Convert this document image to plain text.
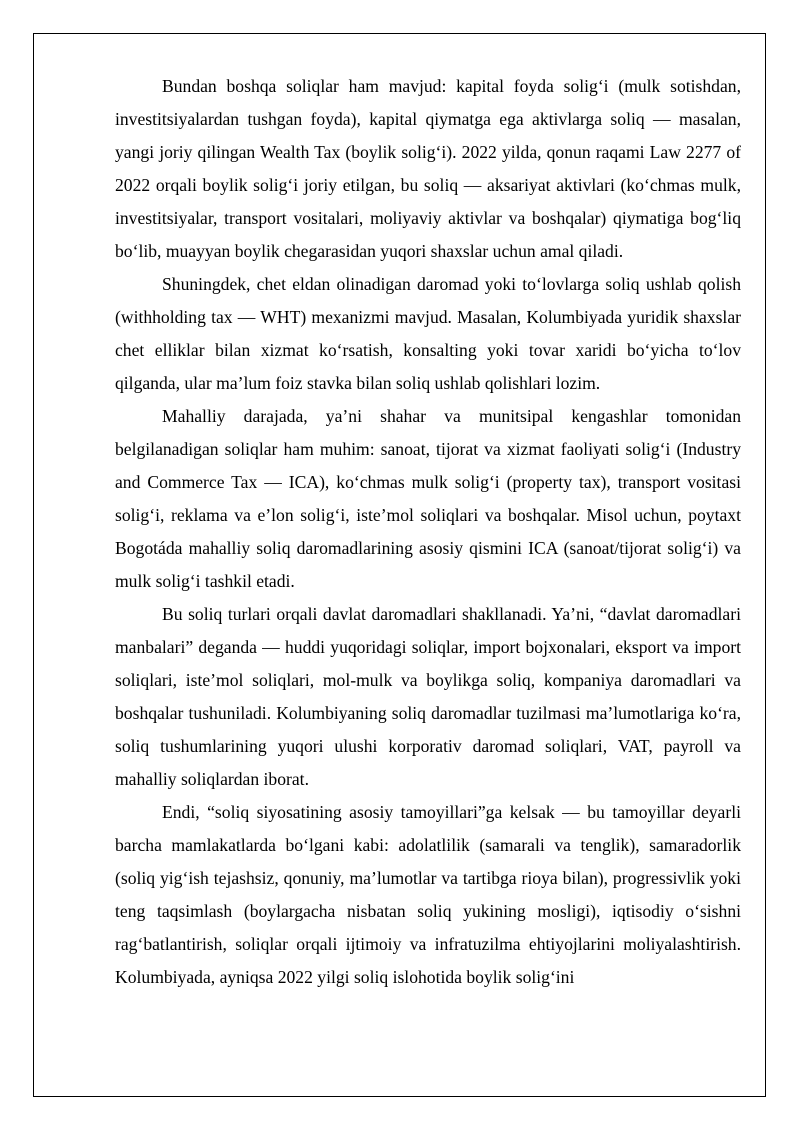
Bundan boshqa soliqlar ham mavjud: kapital foyda solig‘i (mulk sotishdan, investitsiyalardan tushgan foyda), kapital qiymatga ega aktivlarga soliq — masalan, yangi joriy qilingan Wealth Tax (boylik solig‘i). 2022 yilda, qonun raqami Law 2277 of 2022 orqali boylik solig‘i joriy etilgan, bu soliq — aksariyat aktivlari (ko‘chmas mulk, investitsiyalar, transport vositalari, moliyaviy aktivlar va boshqalar) qiymatiga bog‘liq bo‘lib, muayyan boylik chegarasidan yuqori shaxslar uchun amal qiladi.

Shuningdek, chet eldan olinadigan daromad yoki to‘lovlarga soliq ushlab qolish (withholding tax — WHT) mexanizmi mavjud. Masalan, Kolumbiyada yuridik shaxslar chet elliklar bilan xizmat ko‘rsatish, konsalting yoki tovar xaridi bo‘yicha to‘lov qilganda, ular ma’lum foiz stavka bilan soliq ushlab qolishlari lozim.

Mahalliy darajada, ya’ni shahar va munitsipal kengashlar tomonidan belgilanadigan soliqlar ham muhim: sanoat, tijorat va xizmat faoliyati solig‘i (Industry and Commerce Tax — ICA), ko‘chmas mulk solig‘i (property tax), transport vositasi solig‘i, reklama va e’lon solig‘i, iste’mol soliqlari va boshqalar. Misol uchun, poytaxt Bogotáda mahalliy soliq daromadlarining asosiy qismini ICA (sanoat/tijorat solig‘i) va mulk solig‘i tashkil etadi.

Bu soliq turlari orqali davlat daromadlari shakllanadi. Ya’ni, “davlat daromadlari manbalari” deganda — huddi yuqoridagi soliqlar, import bojxonalari, eksport va import soliqlari, iste’mol soliqlari, mol-mulk va boylikga soliq, kompaniya daromadlari va boshqalar tushuniladi. Kolumbiyaning soliq daromadlar tuzilmasi ma’lumotlariga ko‘ra, soliq tushumlarining yuqori ulushi korporativ daromad soliqlari, VAT, payroll va mahalliy soliqlardan iborat.

Endi, “soliq siyosatining asosiy tamoyillari”ga kelsak — bu tamoyillar deyarli barcha mamlakatlarda bo‘lgani kabi: adolatlilik (samarali va tenglik), samaradorlik (soliq yig‘ish tejashsiz, qonuniy, ma’lumotlar va tartibga rioya bilan), progressivlik yoki teng taqsimlash (boylargacha nisbatan soliq yukining mosligi), iqtisodiy o‘sishni rag‘batlantirish, soliqlar orqali ijtimoiy va infratuzilma ehtiyojlarini moliyalashtirish. Kolumbiyada, ayniqsa 2022 yilgi soliq islohotida boylik solig‘ini
